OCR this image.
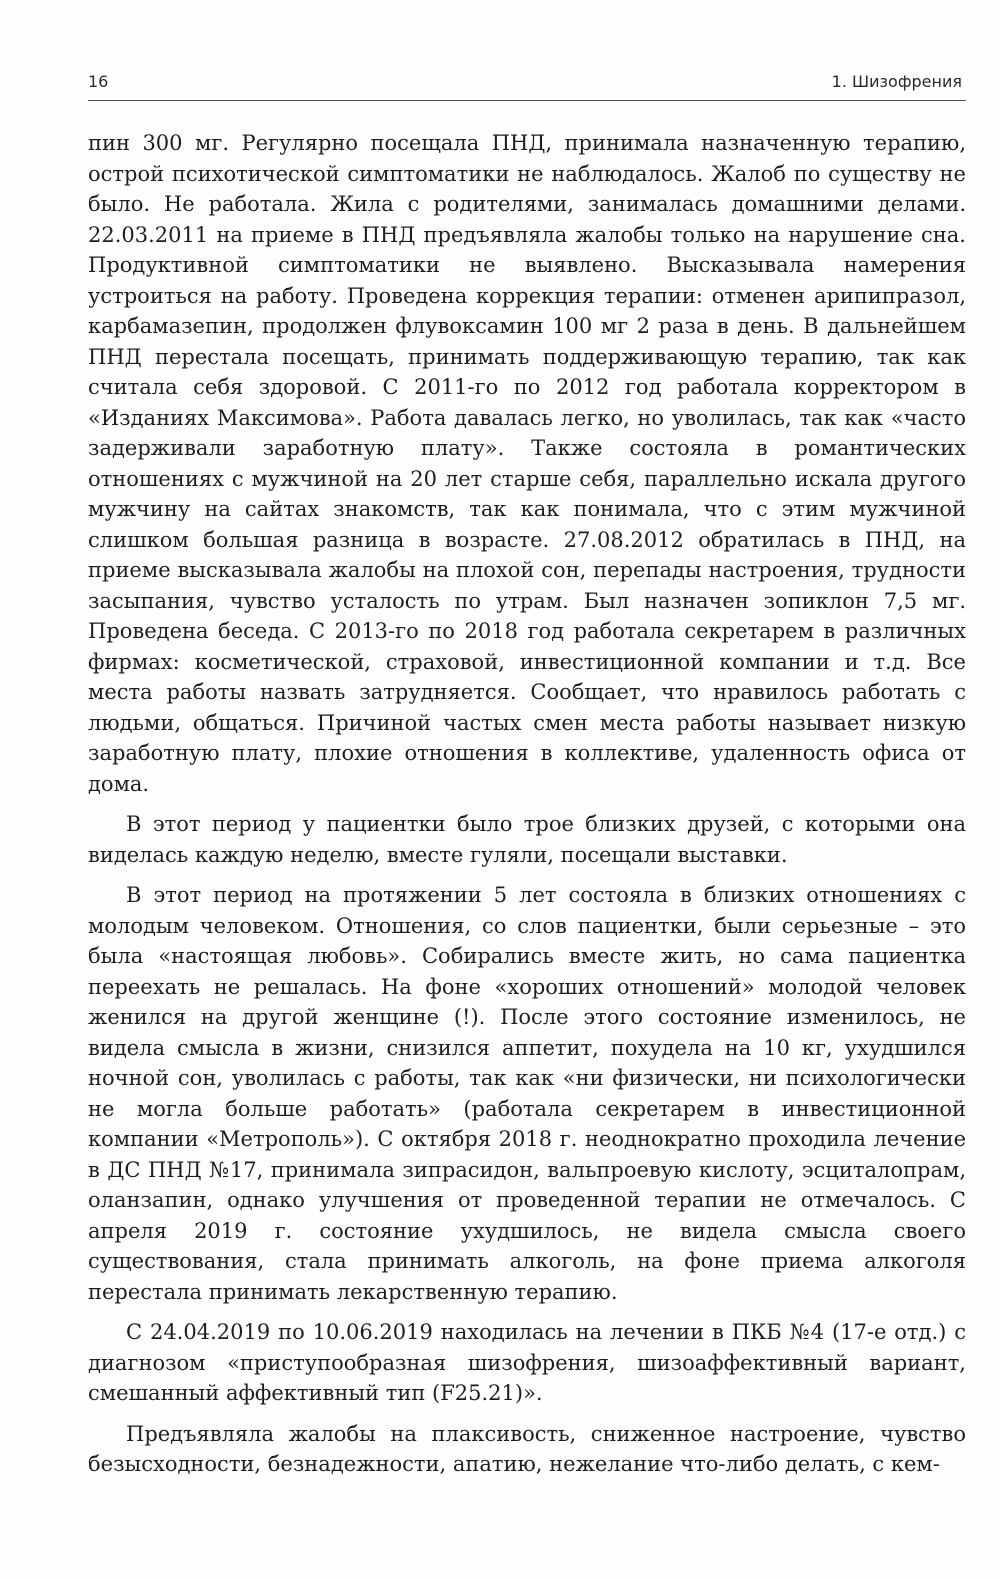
16	1. Шизофрения

пин 300 мг. Регулярно посещала ПНД, принимала назначенную терапию, острой психотической симптоматики не наблюдалось. Жалоб по существу не было. Не работала. Жила с родителями, занималась домашними делами. 22.03.2011 на приеме в ПНД предъявляла жалобы только на нарушение сна. Продуктивной симптоматики не выявлено. Высказывала намерения устроиться на работу. Проведена коррекция терапии: отменен арипипразол, карбамазепин, продолжен флувоксамин 100 мг 2 раза в день. В дальнейшем ПНД перестала посещать, принимать поддерживающую терапию, так как считала себя здоровой. С 2011-го по 2012 год работала корректором в «Изданиях Максимова». Работа давалась легко, но уволилась, так как «часто задерживали заработную плату». Также состояла в романтических отношениях с мужчиной на 20 лет старше себя, параллельно искала другого мужчину на сайтах знакомств, так как понимала, что с этим мужчиной слишком большая разница в возрасте. 27.08.2012 обратилась в ПНД, на приеме высказывала жалобы на плохой сон, перепады настроения, трудности засыпания, чувство усталость по утрам. Был назначен зопиклон 7,5 мг. Проведена беседа. С 2013-го по 2018 год работала секретарем в различных фирмах: косметической, страховой, инвестиционной компании и т.д. Все места работы назвать затрудняется. Сообщает, что нравилось работать с людьми, общаться. Причиной частых смен места работы называет низкую заработную плату, плохие отношения в коллективе, удаленность офиса от дома.

В этот период у пациентки было трое близких друзей, с которыми она виделась каждую неделю, вместе гуляли, посещали выставки.

В этот период на протяжении 5 лет состояла в близких отношениях с молодым человеком. Отношения, со слов пациентки, были серьезные – это была «настоящая любовь». Собирались вместе жить, но сама пациентка переехать не решалась. На фоне «хороших отношений» молодой человек женился на другой женщине (!). После этого состояние изменилось, не видела смысла в жизни, снизился аппетит, похудела на 10 кг, ухудшился ночной сон, уволилась с работы, так как «ни физически, ни психологически не могла больше работать» (работала секретарем в инвестиционной компании «Метрополь»). С октября 2018 г. неоднократно проходила лечение в ДС ПНД №17, принимала зипрасидон, вальпроевую кислоту, эсциталопрам, оланзапин, однако улучшения от проведенной терапии не отмечалось. С апреля 2019 г. состояние ухудшилось, не видела смысла своего существования, стала принимать алкоголь, на фоне приема алкоголя перестала принимать лекарственную терапию.

С 24.04.2019 по 10.06.2019 находилась на лечении в ПКБ №4 (17-е отд.) с диагнозом «приступообразная шизофрения, шизоаффективный вариант, смешанный аффективный тип (F25.21)».

Предъявляла жалобы на плаксивость, сниженное настроение, чувство безысходности, безнадежности, апатию, нежелание что-либо делать, с кем-
